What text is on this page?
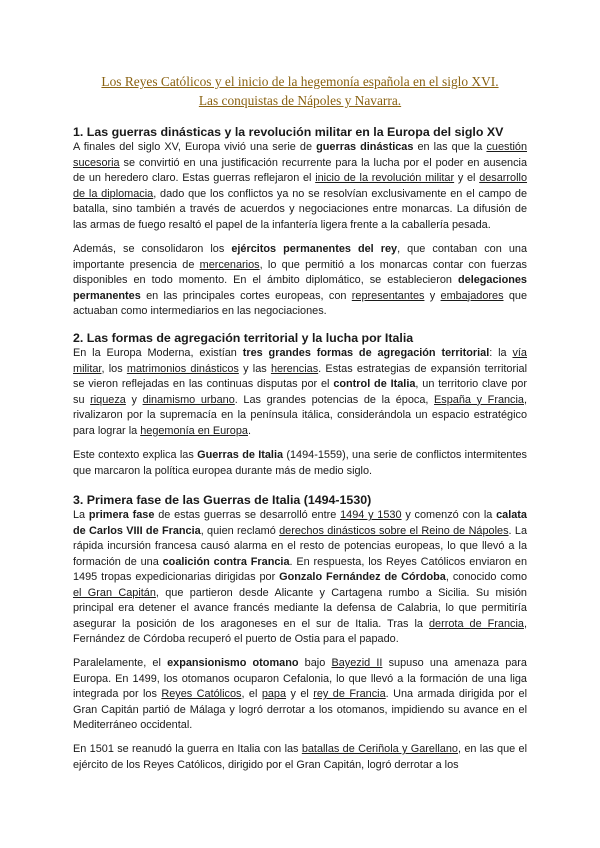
Los Reyes Católicos y el inicio de la hegemonía española en el siglo XVI.
Las conquistas de Nápoles y Navarra.
1. Las guerras dinásticas y la revolución militar en la Europa del siglo XV

A finales del siglo XV, Europa vivió una serie de guerras dinásticas en las que la cuestión sucesoria se convirtió en una justificación recurrente para la lucha por el poder en ausencia de un heredero claro. Estas guerras reflejaron el inicio de la revolución militar y el desarrollo de la diplomacia, dado que los conflictos ya no se resolvían exclusivamente en el campo de batalla, sino también a través de acuerdos y negociaciones entre monarcas. La difusión de las armas de fuego resaltó el papel de la infantería ligera frente a la caballería pesada.

Además, se consolidaron los ejércitos permanentes del rey, que contaban con una importante presencia de mercenarios, lo que permitió a los monarcas contar con fuerzas disponibles en todo momento. En el ámbito diplomático, se establecieron delegaciones permanentes en las principales cortes europeas, con representantes y embajadores que actuaban como intermediarios en las negociaciones.

2. Las formas de agregación territorial y la lucha por Italia

En la Europa Moderna, existían tres grandes formas de agregación territorial: la vía militar, los matrimonios dinásticos y las herencias. Estas estrategias de expansión territorial se vieron reflejadas en las continuas disputas por el control de Italia, un territorio clave por su riqueza y dinamismo urbano. Las grandes potencias de la época, España y Francia, rivalizaron por la supremacía en la península itálica, considerándola un espacio estratégico para lograr la hegemonía en Europa.

Este contexto explica las Guerras de Italia (1494-1559), una serie de conflictos intermitentes que marcaron la política europea durante más de medio siglo.

3. Primera fase de las Guerras de Italia (1494-1530)

La primera fase de estas guerras se desarrolló entre 1494 y 1530 y comenzó con la calata de Carlos VIII de Francia, quien reclamó derechos dinásticos sobre el Reino de Nápoles. La rápida incursión francesa causó alarma en el resto de potencias europeas, lo que llevó a la formación de una coalición contra Francia. En respuesta, los Reyes Católicos enviaron en 1495 tropas expedicionarias dirigidas por Gonzalo Fernández de Córdoba, conocido como el Gran Capitán, que partieron desde Alicante y Cartagena rumbo a Sicilia. Su misión principal era detener el avance francés mediante la defensa de Calabria, lo que permitiría asegurar la posición de los aragoneses en el sur de Italia. Tras la derrota de Francia, Fernández de Córdoba recuperó el puerto de Ostia para el papado.

Paralelamente, el expansionismo otomano bajo Bayezid II supuso una amenaza para Europa. En 1499, los otomanos ocuparon Cefalonia, lo que llevó a la formación de una liga integrada por los Reyes Católicos, el papa y el rey de Francia. Una armada dirigida por el Gran Capitán partió de Málaga y logró derrotar a los otomanos, impidiendo su avance en el Mediterráneo occidental.

En 1501 se reanudó la guerra en Italia con las batallas de Ceriñola y Garellano, en las que el ejército de los Reyes Católicos, dirigido por el Gran Capitán, logró derrotar a los
